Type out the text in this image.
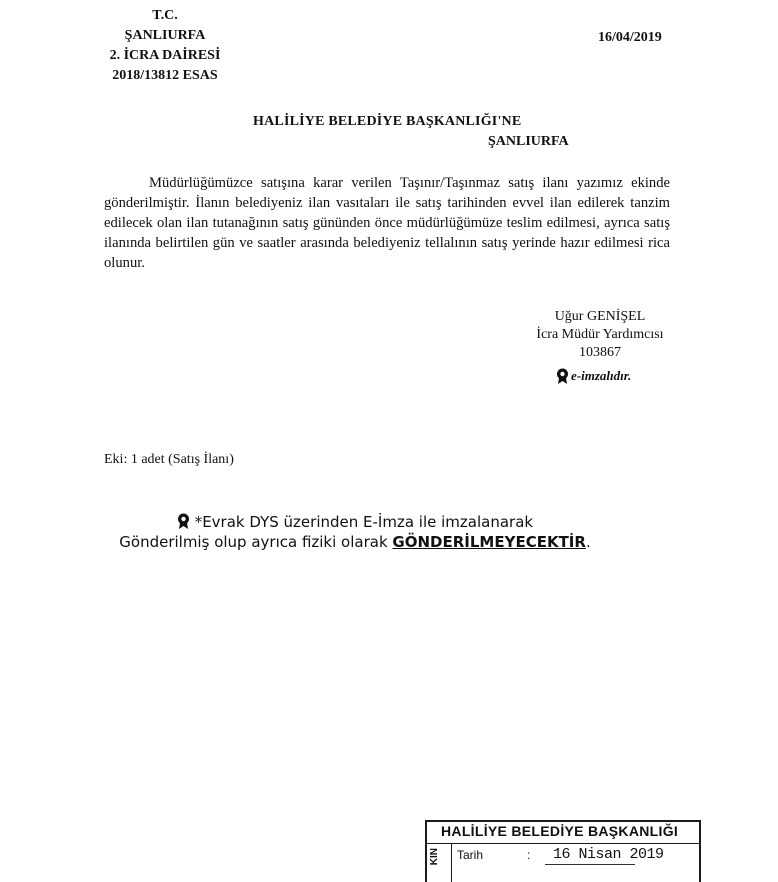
T.C.
ŞANLIURFA
2. İCRA DAİRESİ
2018/13812 ESAS
16/04/2019
HALİLİYE BELEDİYE BAŞKANLIĞI'NE
ŞANLIURFA
Müdürlüğümüzce satışına karar verilen Taşınır/Taşınmaz satış ilanı yazımız ekinde gönderilmiştir. İlanın belediyeniz ilan vasıtaları ile satış tarihinden evvel ilan edilerek tanzim edilecek olan ilan tutanağının satış gününden önce müdürlüğümüze teslim edilmesi, ayrıca satış ilanında belirtilen gün ve saatler arasında belediyeniz tellalının satış yerinde hazır edilmesi rica olunur.
Uğur GENİŞEL
İcra Müdür Yardımcısı
103867
e-imzalıdır.
Eki: 1 adet (Satış İlanı)
*Evrak DYS üzerinden E-İmza ile imzalanarak
Gönderilmiş olup ayrıca fiziki olarak GÖNDERİLMEYECEKTİR.
HALİLİYE BELEDİYE BAŞKANLIĞI
KIN Tarih	: 16 Nisan 2019
